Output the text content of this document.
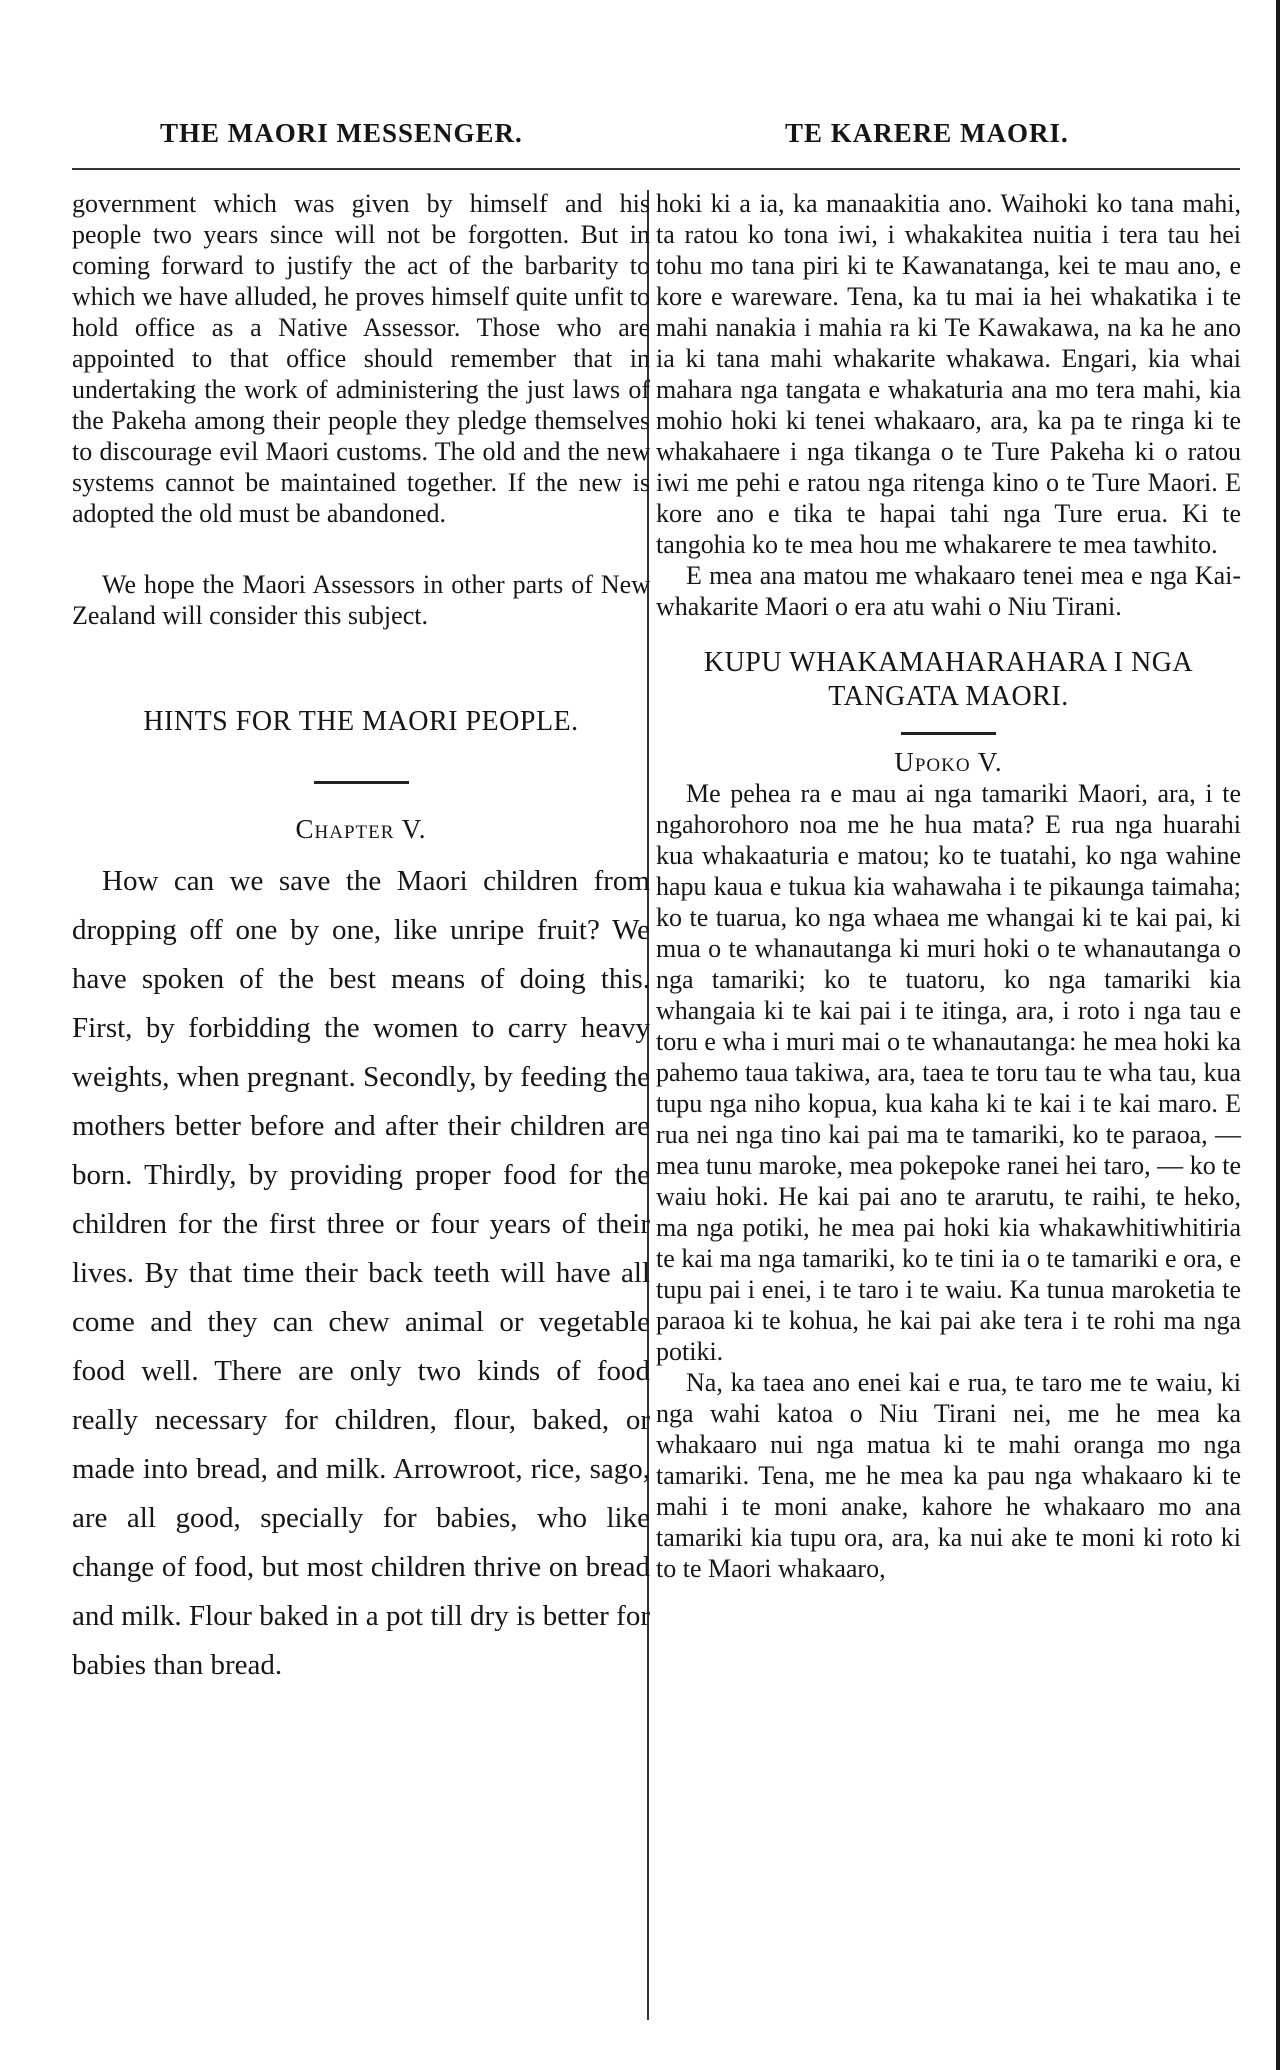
THE MAORI MESSENGER.	TE KARERE MAORI.

government which was given by himself and his people two years since will not be forgotten. But in coming forward to justify the act of the barbarity to which we have alluded, he proves himself quite unfit to hold office as a Native Assessor. Those who are appointed to that office should remember that in undertaking the work of administering the just laws of the Pakeha among their people they pledge themselves to discourage evil Maori customs. The old and the new systems cannot be maintained together. If the new is adopted the old must be abandoned.

We hope the Maori Assessors in other parts of New Zealand will consider this subject.

HINTS FOR THE MAORI PEOPLE.

Chapter V.

How can we save the Maori children from dropping off one by one, like unripe fruit? We have spoken of the best means of doing this. First, by forbidding the women to carry heavy weights, when pregnant. Secondly, by feeding the mothers better before and after their children are born. Thirdly, by providing proper food for the children for the first three or four years of their lives. By that time their back teeth will have all come and they can chew animal or vegetable food well. There are only two kinds of food really necessary for children, flour, baked, or made into bread, and milk. Arrowroot, rice, sago, are all good, specially for babies, who like change of food, but most children thrive on bread and milk. Flour baked in a pot till dry is better for babies than bread.

hoki ki a ia, ka manaakitia ano. Waihoki ko tana mahi, ta ratou ko tona iwi, i whakakitea nuitia i tera tau hei tohu mo tana piri ki te Kawanatanga, kei te mau ano, e kore e wareware. Tena, ka tu mai ia hei whakatika i te mahi nanakia i mahia ra ki Te Kawakawa, na ka he ano ia ki tana mahi whakarite whakawa. Engari, kia whai mahara nga tangata e whakaturia ana mo tera mahi, kia mohio hoki ki tenei whakaaro, ara, ka pa te ringa ki te whakahaere i nga tikanga o te Ture Pakeha ki o ratou iwi me pehi e ratou nga ritenga kino o te Ture Maori. E kore ano e tika te hapai tahi nga Ture erua. Ki te tangohia ko te mea hou me whakarere te mea tawhito.

E mea ana matou me whakaaro tenei mea e nga Kai-whakarite Maori o era atu wahi o Niu Tirani.

KUPU WHAKAMAHARAHARA I NGA TANGATA MAORI.

Upoko V.

Me pehea ra e mau ai nga tamariki Maori, ara, i te ngahorohoro noa me he hua mata? E rua nga huarahi kua whakaaturia e matou; ko te tuatahi, ko nga wahine hapu kaua e tukua kia wahawaha i te pikaunga taimaha; ko te tuarua, ko nga whaea me whangai ki te kai pai, ki mua o te whanautanga ki muri hoki o te whanautanga o nga tamariki; ko te tuatoru, ko nga tamariki kia whangaia ki te kai pai i te itinga, ara, i roto i nga tau e toru e wha i muri mai o te whanautanga: he mea hoki ka pahemo taua takiwa, ara, taea te toru tau te wha tau, kua tupu nga niho kopua, kua kaha ki te kai i te kai maro. E rua nei nga tino kai pai ma te tamariki, ko te paraoa, — mea tunu maroke, mea pokepoke ranei hei taro, — ko te waiu hoki. He kai pai ano te ararutu, te raihi, te heko, ma nga potiki, he mea pai hoki kia whakawhitiwhitiria te kai ma nga tamariki, ko te tini ia o te tamariki e ora, e tupu pai i enei, i te taro i te waiu. Ka tunua maroketia te paraoa ki te kohua, he kai pai ake tera i te rohi ma nga potiki.

Na, ka taea ano enei kai e rua, te taro me te waiu, ki nga wahi katoa o Niu Tirani nei, me he mea ka whakaaro nui nga matua ki te mahi oranga mo nga tamariki. Tena, me he mea ka pau nga whakaaro ki te mahi i te moni anake, kahore he whakaaro mo ana tamariki kia tupu ora, ara, ka nui ake te moni ki roto ki to te Maori whakaaro,
